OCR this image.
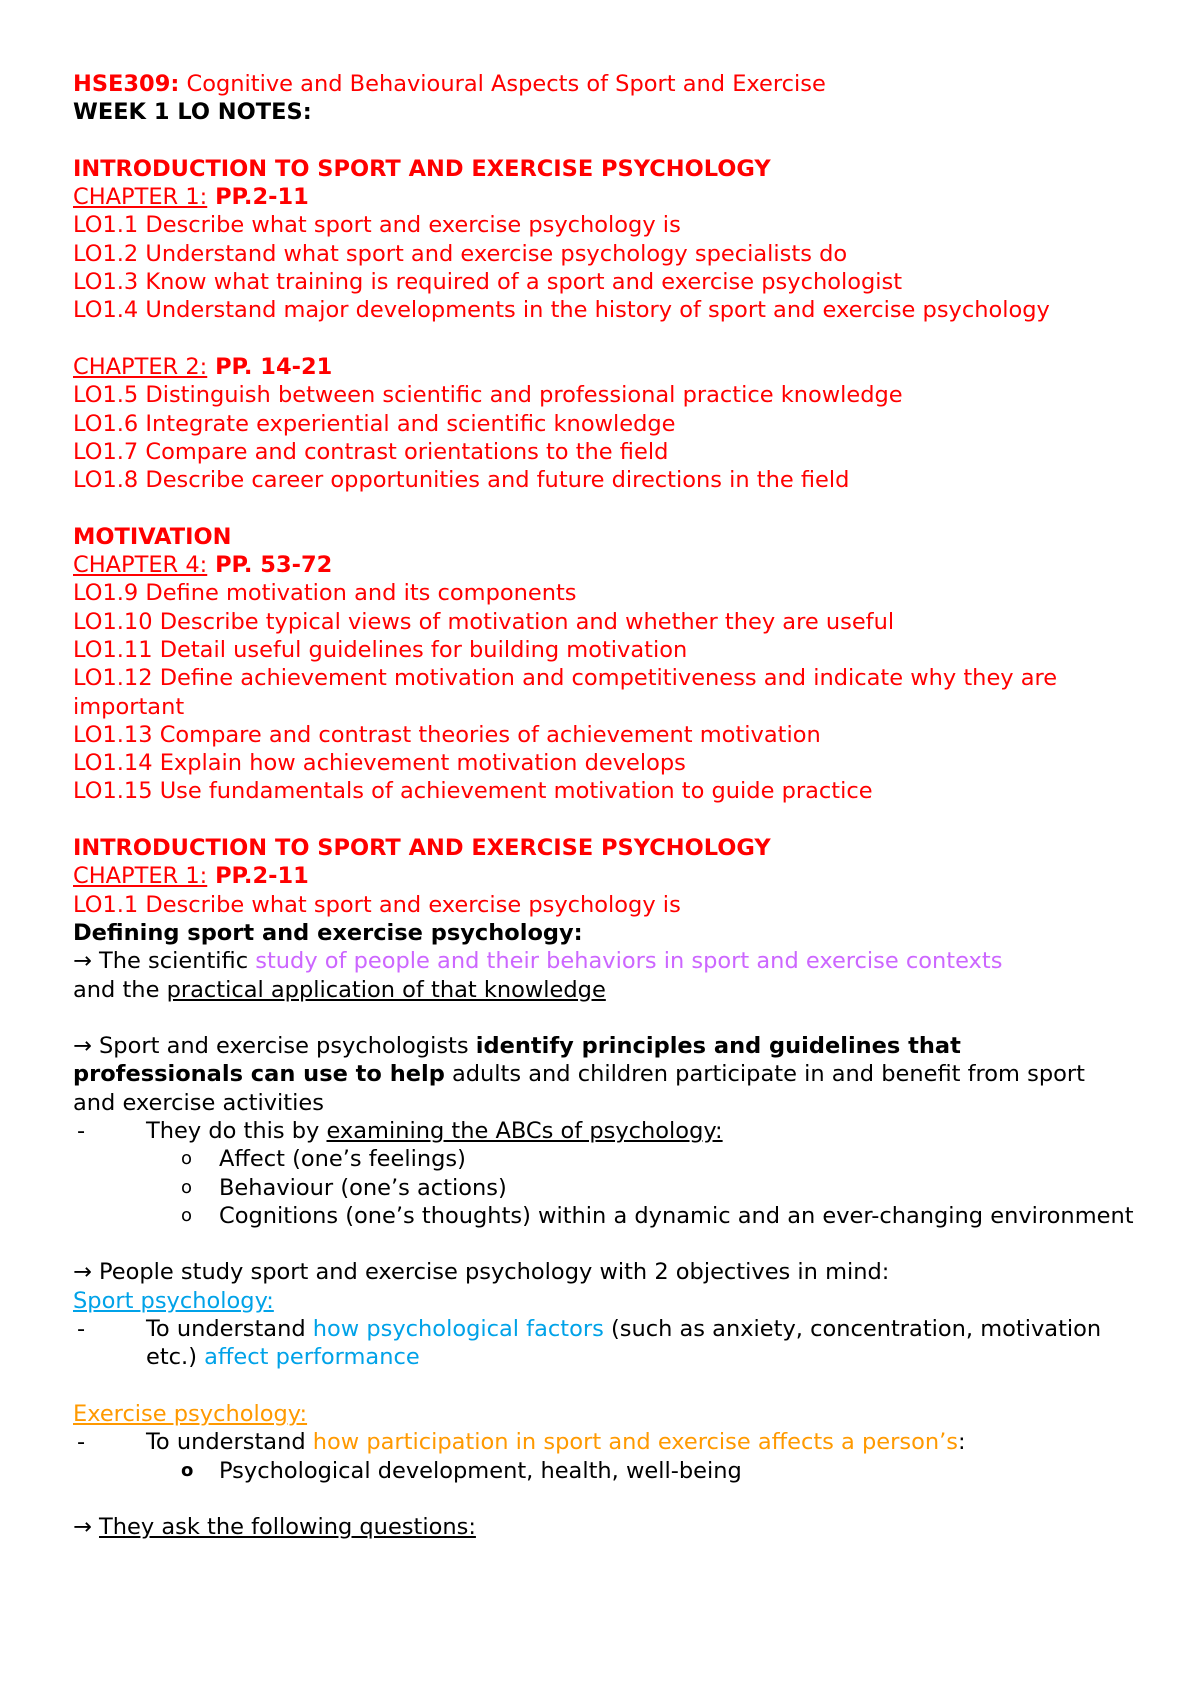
HSE309: Cognitive and Behavioural Aspects of Sport and Exercise
WEEK 1 LO NOTES:
INTRODUCTION TO SPORT AND EXERCISE PSYCHOLOGY
CHAPTER 1: PP.2-11
LO1.1 Describe what sport and exercise psychology is
LO1.2 Understand what sport and exercise psychology specialists do
LO1.3 Know what training is required of a sport and exercise psychologist
LO1.4 Understand major developments in the history of sport and exercise psychology
CHAPTER 2: PP. 14-21
LO1.5 Distinguish between scientific and professional practice knowledge
LO1.6 Integrate experiential and scientific knowledge
LO1.7 Compare and contrast orientations to the field
LO1.8 Describe career opportunities and future directions in the field
MOTIVATION
CHAPTER 4: PP. 53-72
LO1.9 Define motivation and its components
LO1.10 Describe typical views of motivation and whether they are useful
LO1.11 Detail useful guidelines for building motivation
LO1.12 Define achievement motivation and competitiveness and indicate why they are important
LO1.13 Compare and contrast theories of achievement motivation
LO1.14 Explain how achievement motivation develops
LO1.15 Use fundamentals of achievement motivation to guide practice
INTRODUCTION TO SPORT AND EXERCISE PSYCHOLOGY
CHAPTER 1: PP.2-11
LO1.1 Describe what sport and exercise psychology is
Defining sport and exercise psychology:
→ The scientific study of people and their behaviors in sport and exercise contexts
and the practical application of that knowledge
→ Sport and exercise psychologists identify principles and guidelines that professionals can use to help adults and children participate in and benefit from sport and exercise activities
-	They do this by examining the ABCs of psychology:
o Affect (one’s feelings)
o Behaviour (one’s actions)
o Cognitions (one’s thoughts) within a dynamic and an ever-changing environment
→ People study sport and exercise psychology with 2 objectives in mind:
Sport psychology:
-	To understand how psychological factors (such as anxiety, concentration, motivation etc.) affect performance
Exercise psychology:
-	To understand how participation in sport and exercise affects a person’s:
o Psychological development, health, well-being
→ They ask the following questions:
